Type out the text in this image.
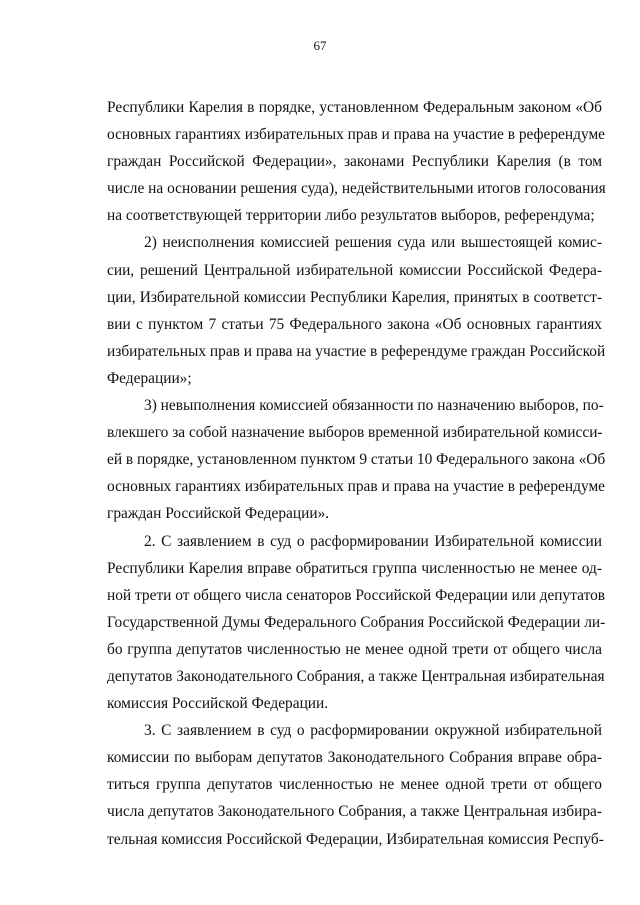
67

Республики Карелия в порядке, установленном Федеральным законом «Об
основных гарантиях избирательных прав и права на участие в референдуме
граждан Российской Федерации», законами Республики Карелия (в том
числе на основании решения суда), недействительными итогов голосования
на соответствующей территории либо результатов выборов, референдума;

2) неисполнения комиссией решения суда или вышестоящей комис-
сии, решений Центральной избирательной комиссии Российской Федера-
ции, Избирательной комиссии Республики Карелия, принятых в соответст-
вии с пунктом 7 статьи 75 Федерального закона «Об основных гарантиях
избирательных прав и права на участие в референдуме граждан Российской
Федерации»;

3) невыполнения комиссией обязанности по назначению выборов, по-
влекшего за собой назначение выборов временной избирательной комисси-
ей в порядке, установленном пунктом 9 статьи 10 Федерального закона «Об
основных гарантиях избирательных прав и права на участие в референдуме
граждан Российской Федерации».

2. С заявлением в суд о расформировании Избирательной комиссии
Республики Карелия вправе обратиться группа численностью не менее од-
ной трети от общего числа сенаторов Российской Федерации или депутатов
Государственной Думы Федерального Собрания Российской Федерации ли-
бо группа депутатов численностью не менее одной трети от общего числа
депутатов Законодательного Собрания, а также Центральная избирательная
комиссия Российской Федерации.

3. С заявлением в суд о расформировании окружной избирательной
комиссии по выборам депутатов Законодательного Собрания вправе обра-
титься группа депутатов численностью не менее одной трети от общего
числа депутатов Законодательного Собрания, а также Центральная избира-
тельная комиссия Российской Федерации, Избирательная комиссия Респуб-
